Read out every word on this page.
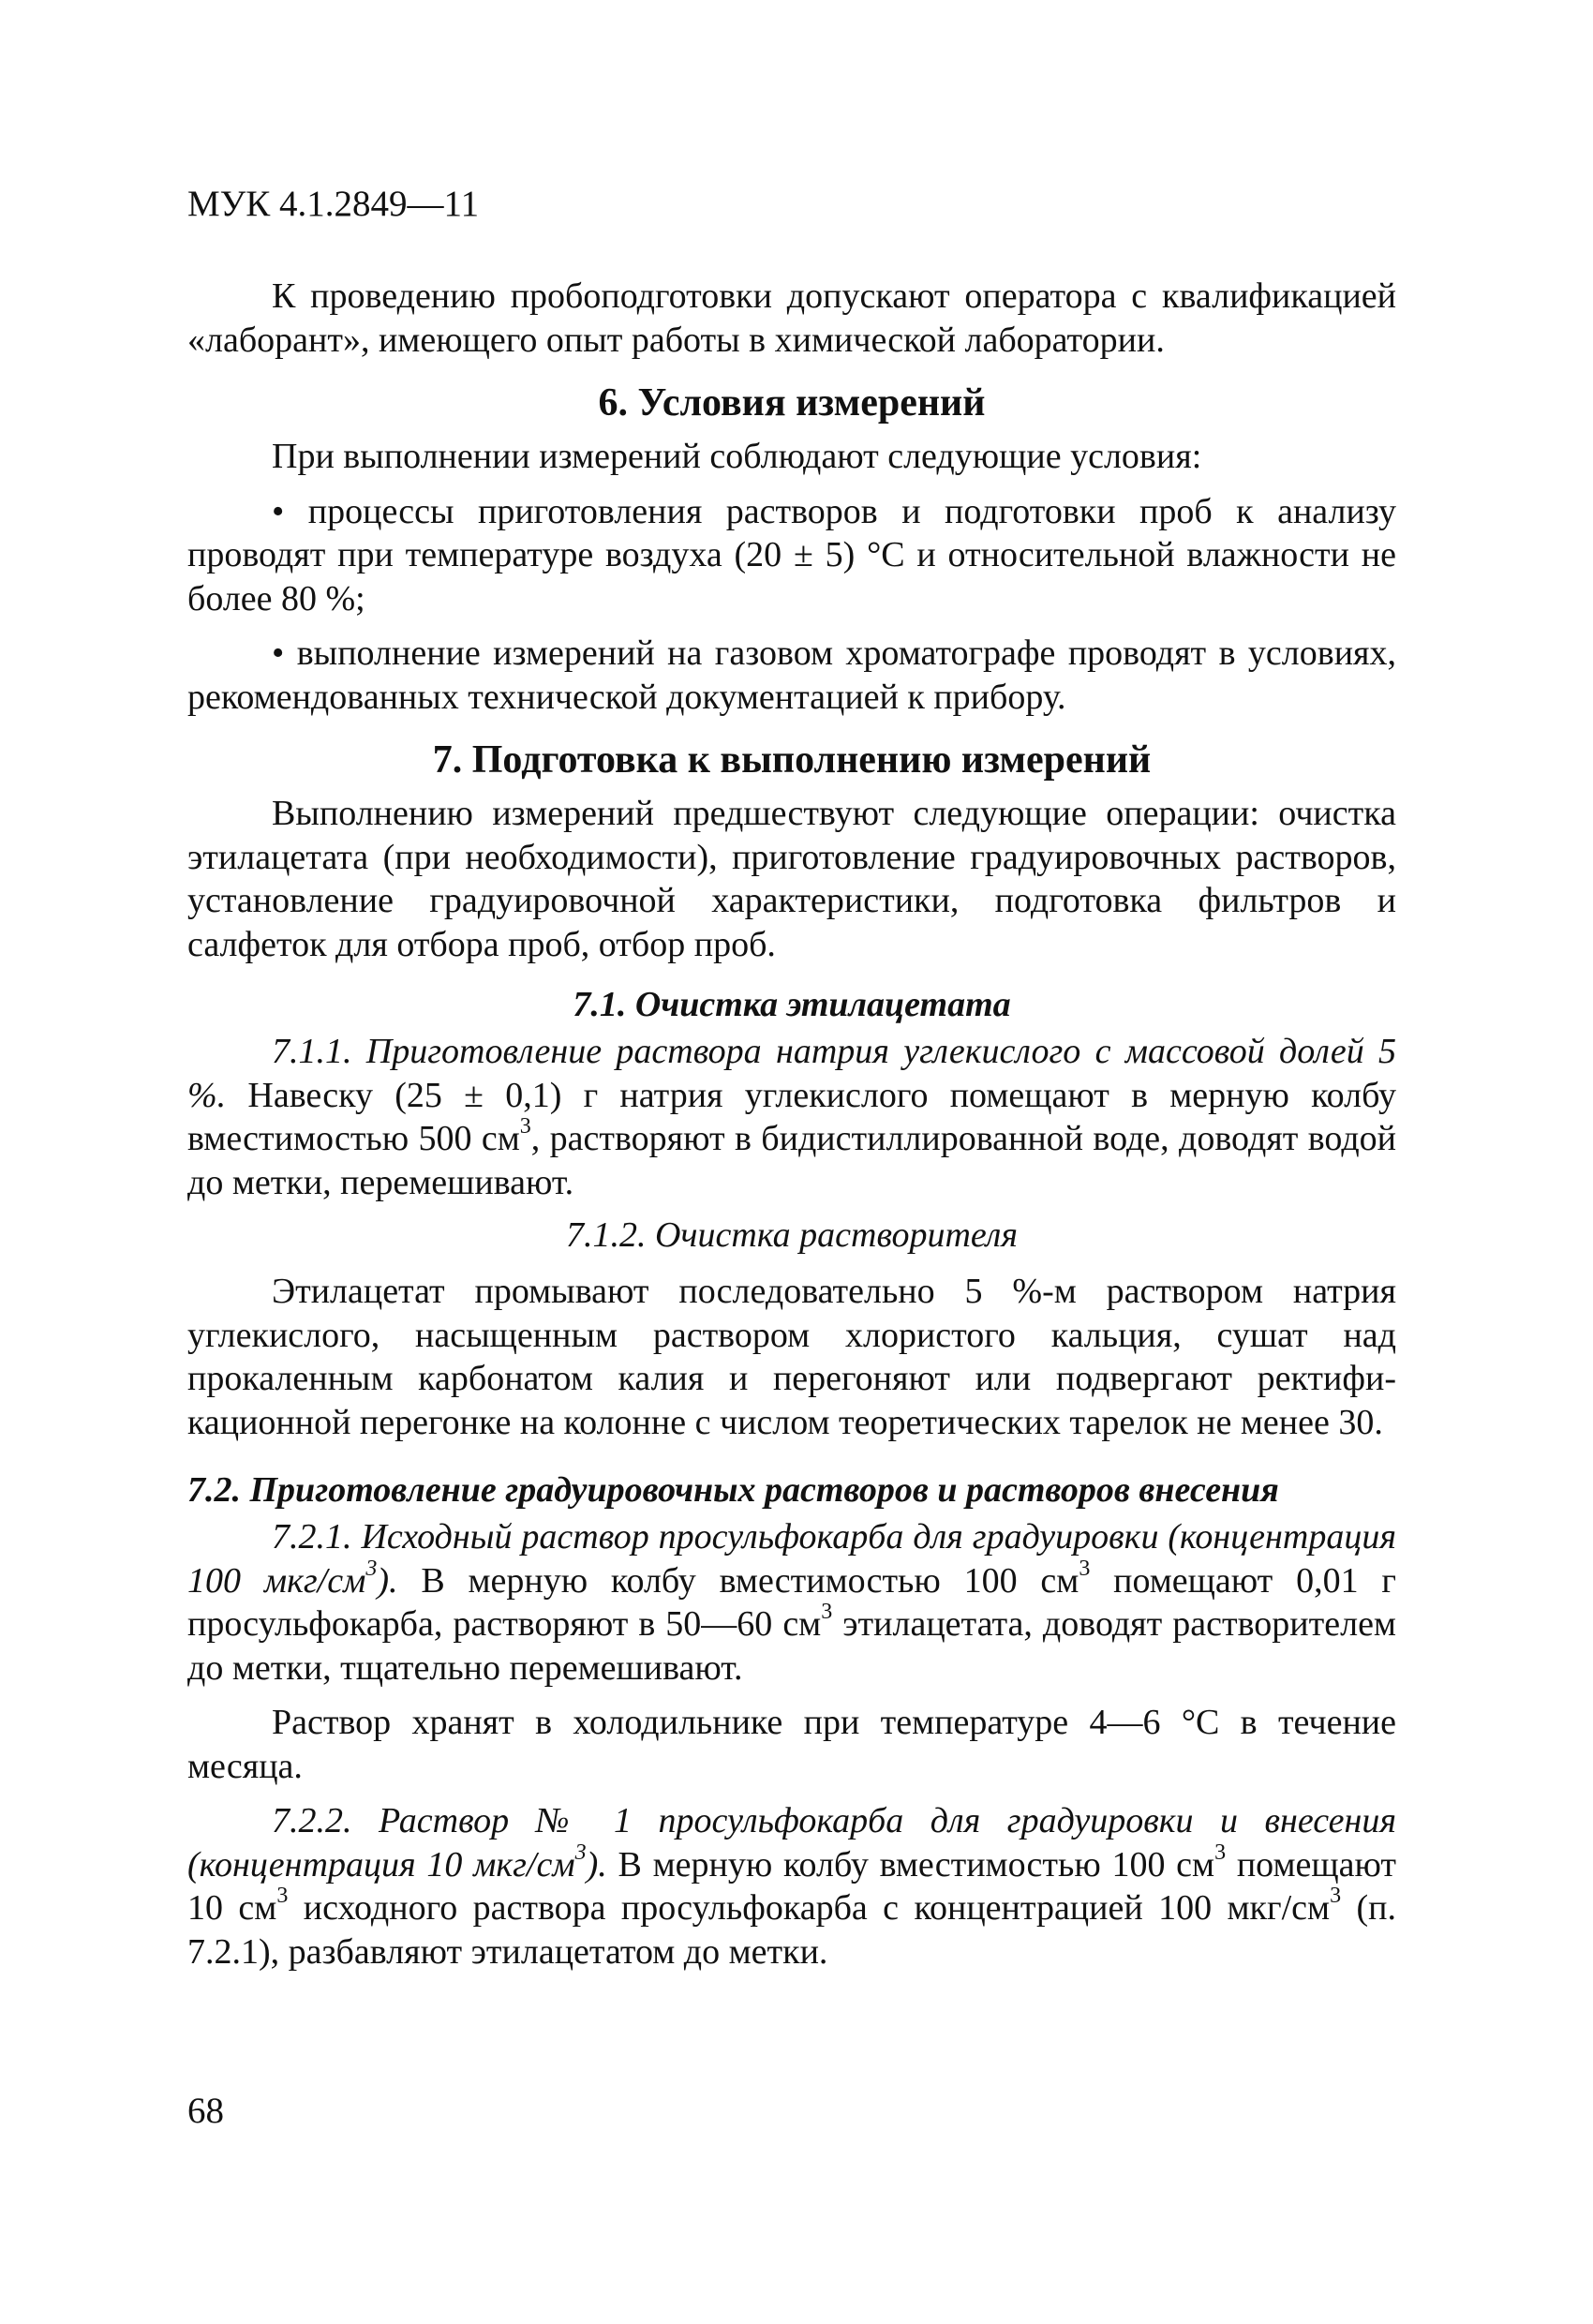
МУК 4.1.2849—11

К проведению пробоподготовки допускают оператора с квалификацией «лаборант», имеющего опыт работы в химической лаборатории.

6. Условия измерений

При выполнении измерений соблюдают следующие условия:

• процессы приготовления растворов и подготовки проб к анализу проводят при температуре воздуха (20 ± 5) °С и относительной влажности не более 80 %;

• выполнение измерений на газовом хроматографе проводят в условиях, рекомендованных технической документацией к прибору.

7. Подготовка к выполнению измерений

Выполнению измерений предшествуют следующие операции: очистка этилацетата (при необходимости), приготовление градуировочных растворов, установление градуировочной характеристики, подготовка фильтров и салфеток для отбора проб, отбор проб.

7.1. Очистка этилацетата

7.1.1. Приготовление раствора натрия углекислого с массовой долей 5 %. Навеску (25 ± 0,1) г натрия углекислого помещают в мерную колбу вместимостью 500 $см^3$, растворяют в бидистиллированной воде, доводят водой до метки, перемешивают.

7.1.2. Очистка растворителя

Этилацетат промывают последовательно 5 %-м раствором натрия углекислого, насыщенным раствором хлористого кальция, сушат над прокаленным карбонатом калия и перегоняют или подвергают ректификационной перегонке на колонне с числом теоретических тарелок не менее 30.

7.2. Приготовление градуировочных растворов и растворов внесения

7.2.1. Исходный раствор просульфокарба для градуировки (концентрация 100 мкг/$см^3$). В мерную колбу вместимостью 100 $см^3$ помещают 0,01 г просульфокарба, растворяют в 50—60 $см^3$ этилацетата, доводят растворителем до метки, тщательно перемешивают.

Раствор хранят в холодильнике при температуре 4—6 °С в течение месяца.

7.2.2. Раствор № 1 просульфокарба для градуировки и внесения (концентрация 10 мкг/$см^3$). В мерную колбу вместимостью 100 $см^3$ помещают 10 $см^3$ исходного раствора просульфокарба с концентрацией 100 мкг/$см^3$ (п. 7.2.1), разбавляют этилацетатом до метки.

68
